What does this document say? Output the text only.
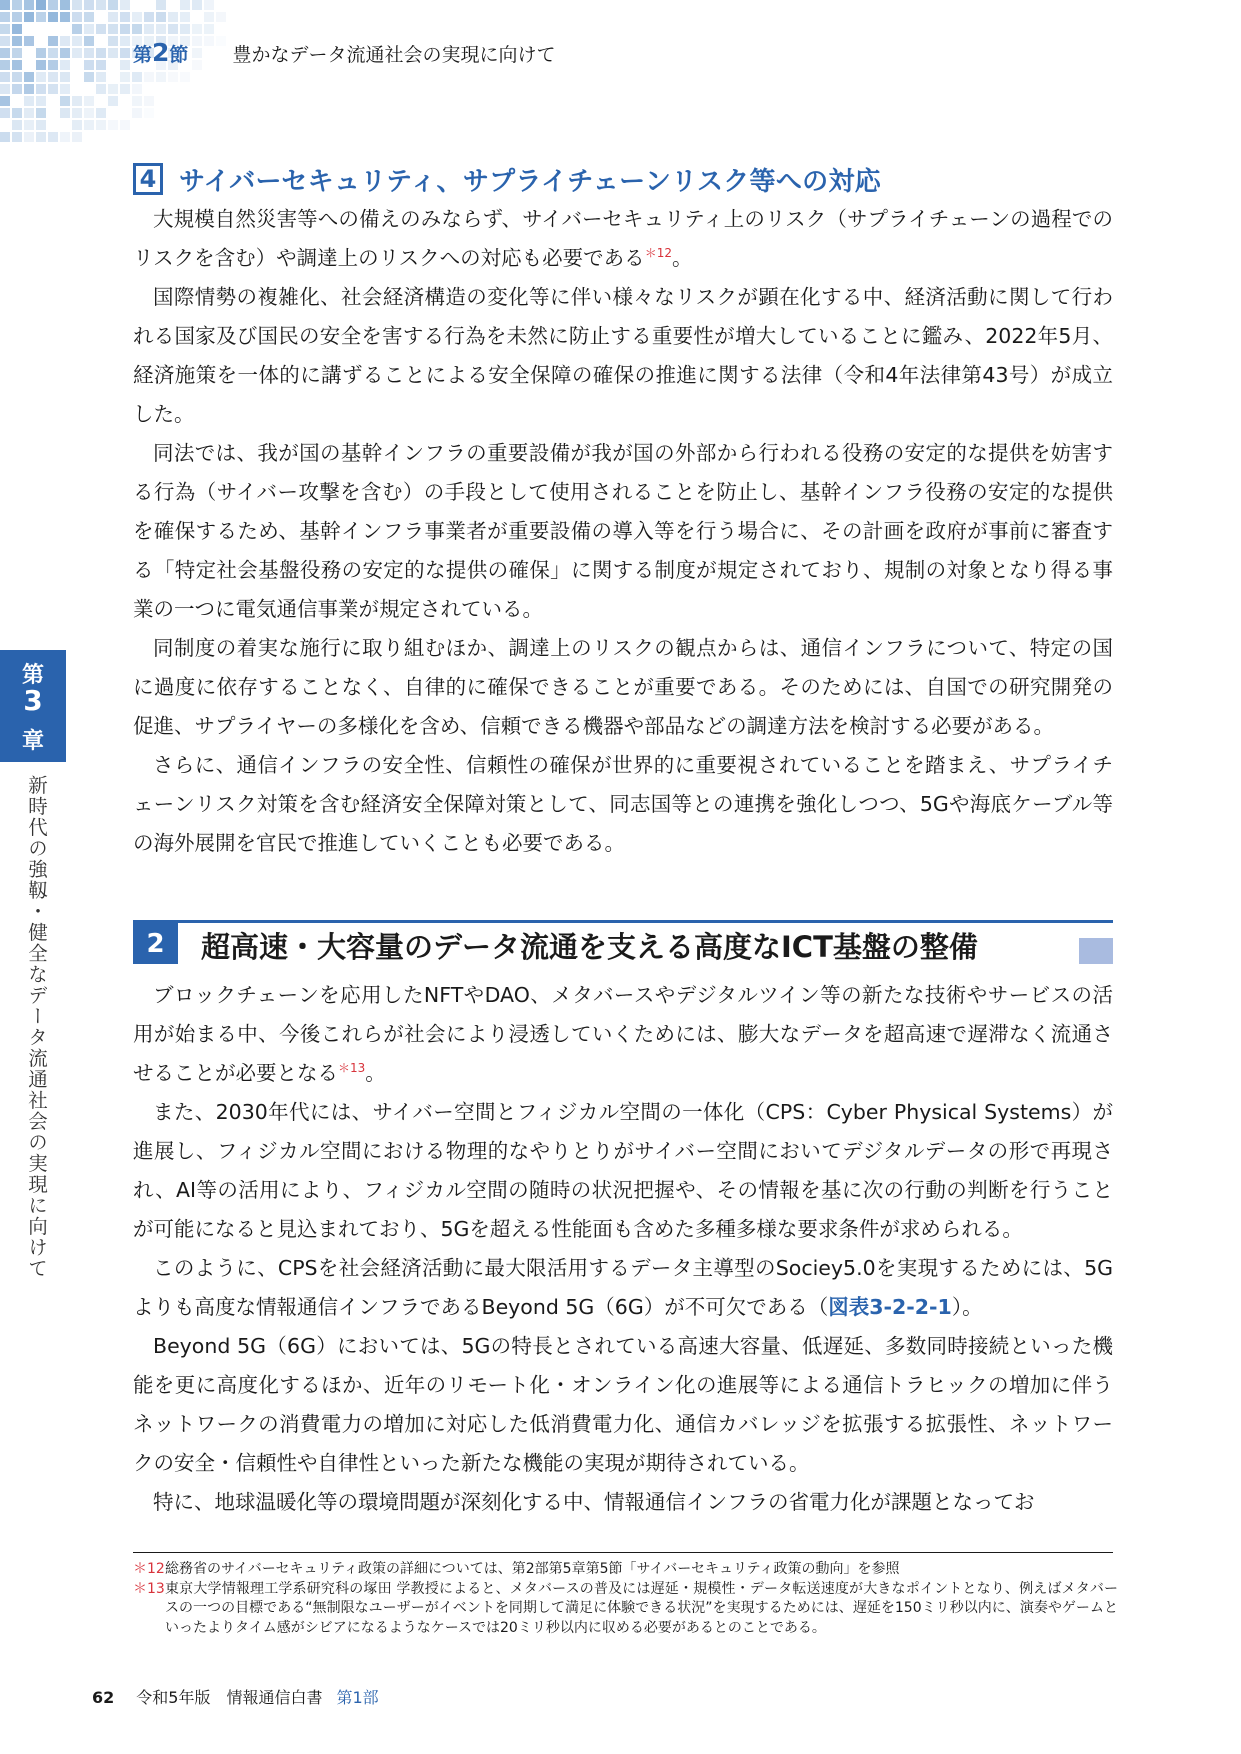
第2節 豊かなデータ流通社会の実現に向けて
4 サイバーセキュリティ、サプライチェーンリスク等への対応

大規模自然災害等への備えのみならず、サイバーセキュリティ上のリスク（サプライチェーンの過程でのリスクを含む）や調達上のリスクへの対応も必要である$^{*12}$。

国際情勢の複雑化、社会経済構造の変化等に伴い様々なリスクが顕在化する中、経済活動に関して行われる国家及び国民の安全を害する行為を未然に防止する重要性が増大していることに鑑み、2022年5月、経済施策を一体的に講ずることによる安全保障の確保の推進に関する法律（令和4年法律第43号）が成立した。

同法では、我が国の基幹インフラの重要設備が我が国の外部から行われる役務の安定的な提供を妨害する行為（サイバー攻撃を含む）の手段として使用されることを防止し、基幹インフラ役務の安定的な提供を確保するため、基幹インフラ事業者が重要設備の導入等を行う場合に、その計画を政府が事前に審査する「特定社会基盤役務の安定的な提供の確保」に関する制度が規定されており、規制の対象となり得る事業の一つに電気通信事業が規定されている。

同制度の着実な施行に取り組むほか、調達上のリスクの観点からは、通信インフラについて、特定の国に過度に依存することなく、自律的に確保できることが重要である。そのためには、自国での研究開発の促進、サプライヤーの多様化を含め、信頼できる機器や部品などの調達方法を検討する必要がある。

さらに、通信インフラの安全性、信頼性の確保が世界的に重要視されていることを踏まえ、サプライチェーンリスク対策を含む経済安全保障対策として、同志国等との連携を強化しつつ、5Gや海底ケーブル等の海外展開を官民で推進していくことも必要である。

2	超高速・大容量のデータ流通を支える高度なICT基盤の整備

ブロックチェーンを応用したNFTやDAO、メタバースやデジタルツイン等の新たな技術やサービスの活用が始まる中、今後これらが社会により浸透していくためには、膨大なデータを超高速で遅滞なく流通させることが必要となる$^{*13}$。

また、2030年代には、サイバー空間とフィジカル空間の一体化（CPS：Cyber Physical Systems）が進展し、フィジカル空間における物理的なやりとりがサイバー空間においてデジタルデータの形で再現され、AI等の活用により、フィジカル空間の随時の状況把握や、その情報を基に次の行動の判断を行うことが可能になると見込まれており、5Gを超える性能面も含めた多種多様な要求条件が求められる。

このように、CPSを社会経済活動に最大限活用するデータ主導型のSociey5.0を実現するためには、5Gよりも高度な情報通信インフラであるBeyond 5G（6G）が不可欠である（図表3-2-2-1）。

Beyond 5G（6G）においては、5Gの特長とされている高速大容量、低遅延、多数同時接続といった機能を更に高度化するほか、近年のリモート化・オンライン化の進展等による通信トラヒックの増加に伴うネットワークの消費電力の増加に対応した低消費電力化、通信カバレッジを拡張する拡張性、ネットワークの安全・信頼性や自律性といった新たな機能の実現が期待されている。

特に、地球温暖化等の環境問題が深刻化する中、情報通信インフラの省電力化が課題となってお

第
3
章
新時代の強靱・健全なデータ流通社会の実現に向けて
＊12 総務省のサイバーセキュリティ政策の詳細については、第2部第5章第5節「サイバーセキュリティ政策の動向」を参照
＊13 東京大学情報理工学系研究科の塚田 学教授によると、メタバースの普及には遅延・規模性・データ転送速度が大きなポイントとなり、例えばメタバースの一つの目標である“無制限なユーザーがイベントを同期して満足に体験できる状況”を実現するためには、遅延を150ミリ秒以内に、演奏やゲームといったよりタイム感がシビアになるようなケースでは20ミリ秒以内に収める必要があるとのことである。
62 令和5年版　情報通信白書 第1部
